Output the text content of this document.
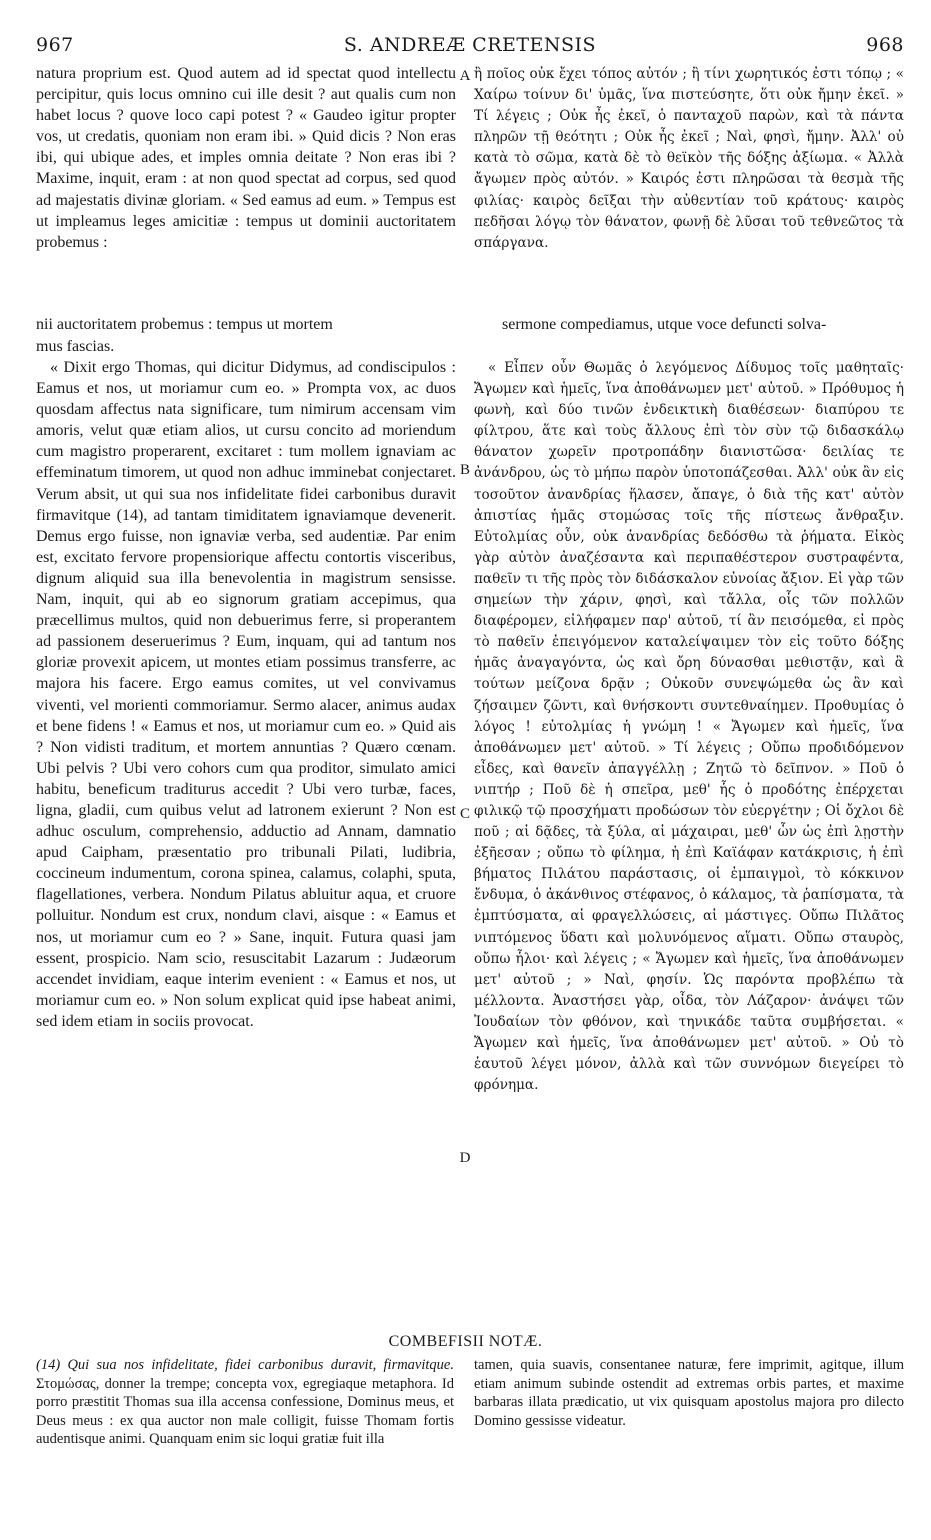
967	S. ANDREÆ CRETENSIS	968

natura proprium est. Quod autem ad id spectat quod intellectu percipitur, quis locus omnino cui ille desit ? aut qualis cum non habet locus ? quove loco capi potest ? « Gaudeo igitur propter vos, ut credatis, quoniam non eram ibi. » Quid dicis ? Non eras ibi, qui ubique ades, et imples omnia deitate ? Non eras ibi ? Maxime, inquit, eram : at non quod spectat ad corpus, sed quod ad majestatis divinæ gloriam. « Sed eamus ad eum. » Tempus est ut impleamus leges amicitiæ : tempus ut dominii auctoritatem probemus :

ἢ ποῖος οὐκ ἔχει τόπος αὐτόν ; ἢ τίνι χωρητικός ἐστι τόπῳ ; « Χαίρω τοίνυν δι' ὑμᾶς, ἵνα πιστεύσητε, ὅτι οὐκ ἤμην ἐκεῖ. » Τί λέγεις ; Οὐκ ἦς ἐκεῖ, ὁ πανταχοῦ παρὼν, καὶ τὰ πάντα πληρῶν τῇ θεότητι ; Οὐκ ἦς ἐκεῖ ; Ναὶ, φησὶ, ἤμην. Ἀλλ' οὐ κατὰ τὸ σῶμα, κατὰ δὲ τὸ θεϊκὸν τῆς δόξης ἀξίωμα. « Ἀλλὰ ἄγωμεν πρὸς αὐτόν. » Καιρός ἐστι πληρῶσαι τὰ θεσμὰ τῆς φιλίας· καιρὸς δεῖξαι τὴν αὐθεντίαν τοῦ κράτους· καιρὸς πεδῆσαι λόγῳ τὸν θάνατον, φωνῇ δὲ λῦσαι τοῦ τεθνεῶτος τὰ σπάργανα.

nii auctoritatem probemus : tempus ut mortem	sermone compediamus, utque voce defuncti solva-

mus fascias.

« Dixit ergo Thomas, qui dicitur Didymus, ad condiscipulos : Eamus et nos, ut moriamur cum eo. » Prompta vox, ac duos quosdam affectus nata significare, tum nimirum accensam vim amoris, velut quæ etiam alios, ut cursu concito ad moriendum cum magistro properarent, excitaret : tum mollem ignaviam ac effeminatum timorem, ut quod non adhuc imminebat conjectaret. Verum absit, ut qui sua nos infidelitate fidei carbonibus duravit firmavitque (14), ad tantam timiditatem ignaviamque devenerit. Demus ergo fuisse, non ignaviæ verba, sed audentiæ. Par enim est, excitato fervore propensiorique affectu contortis visceribus, dignum aliquid sua illa benevolentia in magistrum sensisse. Nam, inquit, qui ab eo signorum gratiam accepimus, qua præcellimus multos, quid non debuerimus ferre, si properantem ad passionem deseruerimus ? Eum, inquam, qui ad tantum nos gloriæ provexit apicem, ut montes etiam possimus transferre, ac majora his facere. Ergo eamus comites, ut vel convivamus viventi, vel morienti commoriamur. Sermo alacer, animus audax et bene fidens ! « Eamus et nos, ut moriamur cum eo. » Quid ais ? Non vidisti traditum, et mortem annuntias ? Quæro cœnam. Ubi pelvis ? Ubi vero cohors cum qua proditor, simulato amici habitu, beneficum traditurus accedit ? Ubi vero turbæ, faces, ligna, gladii, cum quibus velut ad latronem exierunt ? Non est adhuc osculum, comprehensio, adductio ad Annam, damnatio apud Caipham, præsentatio pro tribunali Pilati, ludibria, coccineum indumentum, corona spinea, calamus, colaphi, sputa, flagellationes, verbera. Nondum Pilatus abluitur aqua, et cruore polluitur. Nondum est crux, nondum clavi, aisque : « Eamus et nos, ut moriamur cum eo ? » Sane, inquit. Futura quasi jam essent, prospicio. Nam scio, resuscitabit Lazarum : Judæorum accendet invidiam, eaque interim evenient : « Eamus et nos, ut moriamur cum eo. » Non solum explicat quid ipse habeat animi, sed idem etiam in sociis provocat.

« Εἶπεν οὖν Θωμᾶς ὁ λεγόμενος Δίδυμος τοῖς μαθηταῖς· Ἄγωμεν καὶ ἡμεῖς, ἵνα ἀποθάνωμεν μετ' αὐτοῦ. » Πρόθυμος ἡ φωνὴ, καὶ δύο τινῶν ἐνδεικτικὴ διαθέσεων· διαπύρου τε φίλτρου, ἅτε καὶ τοὺς ἄλλους ἐπὶ τὸν σὺν τῷ διδασκάλῳ θάνατον χωρεῖν προτροπάδην διανιστῶσα· δειλίας τε ἀνάνδρου, ὡς τὸ μήπω παρὸν ὑποτοπάζεσθαι. Ἀλλ' οὐκ ἂν εἰς τοσοῦτον ἀνανδρίας ἥλασεν, ἄπαγε, ὁ διὰ τῆς κατ' αὐτὸν ἀπιστίας ἡμᾶς στομώσας τοῖς τῆς πίστεως ἄνθραξιν. Εὐτολμίας οὖν, οὐκ ἀνανδρίας δεδόσθω τὰ ῥήματα. Εἰκὸς γὰρ αὐτὸν ἀναζέσαντα καὶ περιπαθέστερον συστραφέντα, παθεῖν τι τῆς πρὸς τὸν διδάσκαλον εὐνοίας ἄξιον. Εἰ γὰρ τῶν σημείων τὴν χάριν, φησὶ, καὶ τἄλλα, οἷς τῶν πολλῶν διαφέρομεν, εἰλήφαμεν παρ' αὐτοῦ, τί ἂν πεισόμεθα, εἰ πρὸς τὸ παθεῖν ἐπειγόμενον καταλείψαιμεν τὸν εἰς τοῦτο δόξης ἡμᾶς ἀναγαγόντα, ὡς καὶ ὄρη δύνασθαι μεθιστᾷν, καὶ ἃ τούτων μείζονα δρᾷν ; Οὐκοῦν συνεψώμεθα ὡς ἂν καὶ ζήσαιμεν ζῶντι, καὶ θνήσκοντι συντεθναίημεν. Προθυμίας ὁ λόγος ! εὐτολμίας ἡ γνώμη ! « Ἄγωμεν καὶ ἡμεῖς, ἵνα ἀποθάνωμεν μετ' αὐτοῦ. » Τί λέγεις ; Οὔπω προδιδόμενον εἶδες, καὶ θανεῖν ἀπαγγέλλῃ ; Ζητῶ τὸ δεῖπνον. » Ποῦ ὁ νιπτήρ ; Ποῦ δὲ ἡ σπεῖρα, μεθ' ἧς ὁ προδότης ἐπέρχεται φιλικῷ τῷ προσχήματι προδώσων τὸν εὐεργέτην ; Οἱ ὄχλοι δὲ ποῦ ; αἱ δᾷδες, τὰ ξύλα, αἱ μάχαιραι, μεθ' ὧν ὡς ἐπὶ λῃστὴν ἐξῆεσαν ; οὔπω τὸ φίλημα, ἡ ἐπὶ Καϊάφαν κατάκρισις, ἡ ἐπὶ βήματος Πιλάτου παράστασις, οἱ ἐμπαιγμοὶ, τὸ κόκκινον ἔνδυμα, ὁ ἀκάνθινος στέφανος, ὁ κάλαμος, τὰ ῥαπίσματα, τὰ ἐμπτύσματα, αἱ φραγελλώσεις, αἱ μάστιγες. Οὔπω Πιλᾶτος νιπτόμενος ὕδατι καὶ μολυνόμενος αἵματι. Οὔπω σταυρὸς, οὔπω ἧλοι· καὶ λέγεις ; « Ἄγωμεν καὶ ἡμεῖς, ἵνα ἀποθάνωμεν μετ' αὐτοῦ ; » Ναὶ, φησίν. Ὡς παρόντα προβλέπω τὰ μέλλοντα. Ἀναστήσει γὰρ, οἶδα, τὸν Λάζαρον· ἀνάψει τῶν Ἰουδαίων τὸν φθόνον, καὶ τηνικάδε ταῦτα συμβήσεται. « Ἄγωμεν καὶ ἡμεῖς, ἵνα ἀποθάνωμεν μετ' αὐτοῦ. » Οὐ τὸ ἑαυτοῦ λέγει μόνον, ἀλλὰ καὶ τῶν συννόμων διεγείρει τὸ φρόνημα.

A
B
C
D
COMBEFISII NOTÆ.

(14) Qui sua nos infidelitate, fidei carbonibus duravit, firmavitque. Στομώσας, donner la trempe; concepta vox, egregiaque metaphora. Id porro præstitit Thomas sua illa accensa confessione, Dominus meus, et Deus meus : ex qua auctor non male colligit, fuisse Thomam fortis audentisque animi. Quanquam enim sic loqui gratiæ fuit illa

tamen, quia suavis, consentanee naturæ, fere imprimit, agitque, illum etiam animum subinde ostendit ad extremas orbis partes, et maxime barbaras illata prædicatio, ut vix quisquam apostolus majora pro dilecto Domino gessisse videatur.
